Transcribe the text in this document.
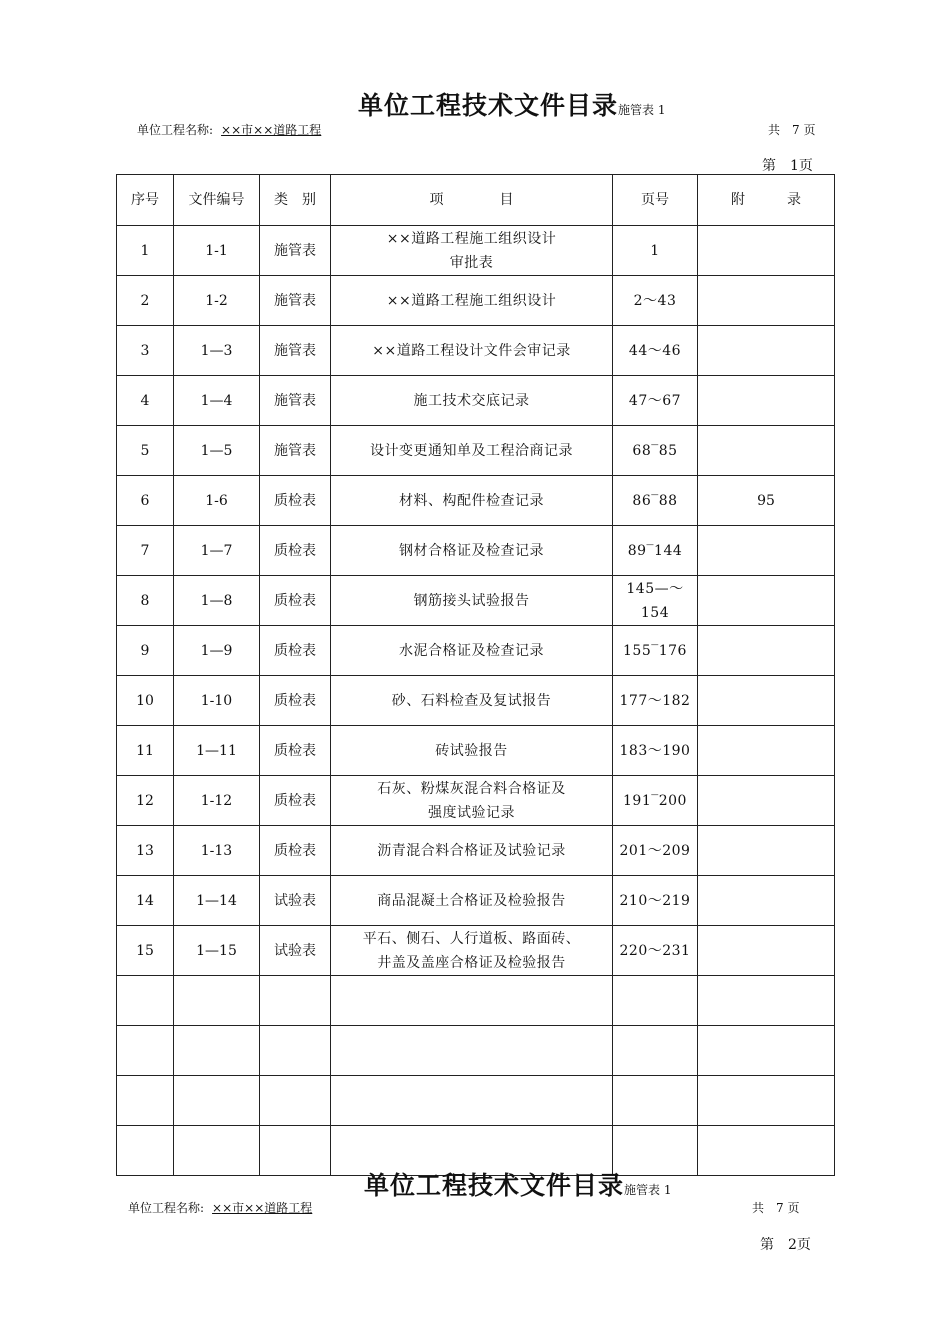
单位工程技术文件目录施管表 1
单位工程名称: ××市××道路工程	共　7 页
第　1页
序号	文件编号	类　别	项　　　　目	页号	附　　　录
1	1-1	施管表	××道路工程施工组织设计
审批表	1	
2	1-2	施管表	××道路工程施工组织设计	2～43	
3	1—3	施管表	××道路工程设计文件会审记录	44～46	
4	1—4	施管表	施工技术交底记录	47～67	
5	1—5	施管表	设计变更通知单及工程洽商记录	68‾85	
6	1-6	质检表	材料、构配件检查记录	86‾88	95
7	1—7	质检表	钢材合格证及检查记录	89‾144	
8	1—8	质检表	钢筋接头试验报告	145—～
154	
9	1—9	质检表	水泥合格证及检查记录	155‾176	
10	1-10	质检表	砂、石料检查及复试报告	177～182	
11	1—11	质检表	砖试验报告	183～190	
12	1-12	质检表	石灰、粉煤灰混合料合格证及
强度试验记录	191‾200	
13	1-13	质检表	沥青混合料合格证及试验记录	201～209	
14	1—14	试验表	商品混凝土合格证及检验报告	210～219	
15	1—15	试验表	平石、侧石、人行道板、路面砖、
井盖及盖座合格证及检验报告	220～231	

单位工程技术文件目录施管表 1
单位工程名称: ××市××道路工程	共　7 页
第　2页
